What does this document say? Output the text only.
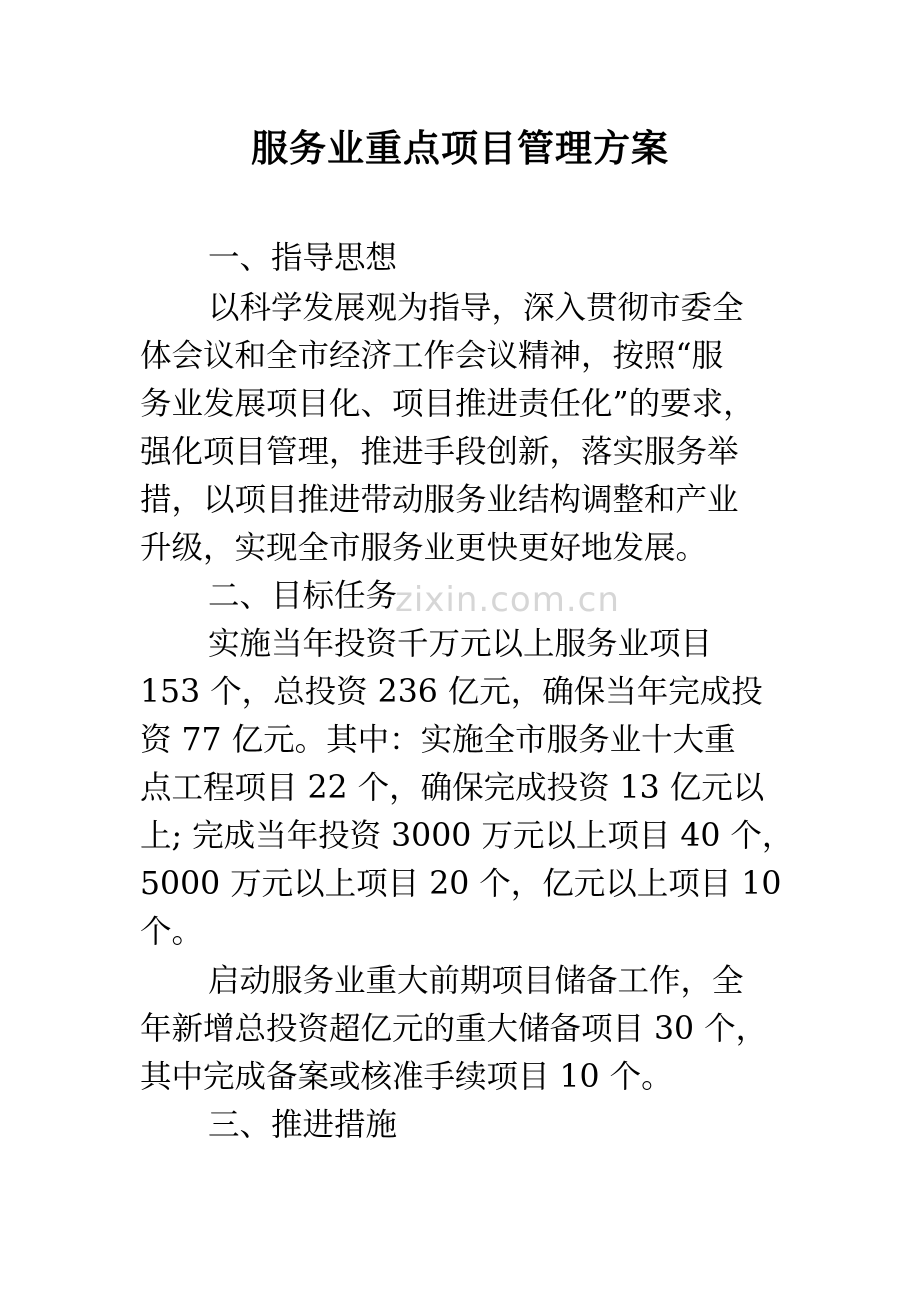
服务业重点项目管理方案
zixin.com.cn
一、指导思想
以科学发展观为指导，深入贯彻市委全
体会议和全市经济工作会议精神，按照“服
务业发展项目化、项目推进责任化”的要求，
强化项目管理，推进手段创新，落实服务举
措，以项目推进带动服务业结构调整和产业
升级，实现全市服务业更快更好地发展。
二、目标任务
实施当年投资千万元以上服务业项目
153 个，总投资 236 亿元，确保当年完成投
资 77 亿元。其中：实施全市服务业十大重
点工程项目 22 个，确保完成投资 13 亿元以
上; 完成当年投资 3000 万元以上项目 40 个，
5000 万元以上项目 20 个，亿元以上项目 10
个。
启动服务业重大前期项目储备工作，全
年新增总投资超亿元的重大储备项目 30 个，
其中完成备案或核准手续项目 10 个。
三、推进措施
